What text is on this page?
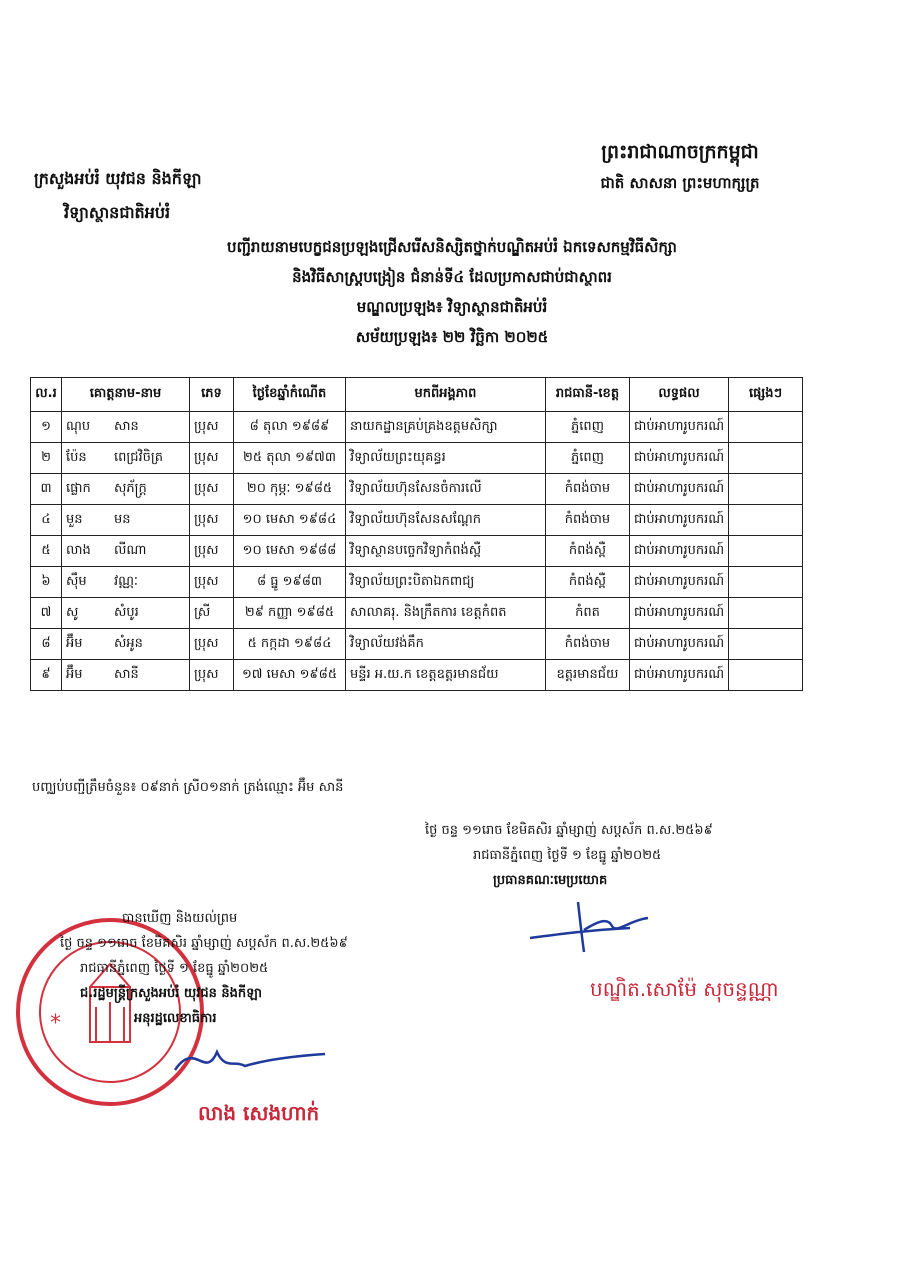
ព្រះរាជាណាចក្រកម្ពុជា
ជាតិ សាសនា ព្រះមហាក្សត្រ
ក្រសួងអប់រំ យុវជន និងកីឡា
វិទ្យាស្ថានជាតិអប់រំ
បញ្ជីរាយនាមបេក្ខជនប្រឡងជ្រើសរើសនិស្សិតថ្នាក់បណ្ឌិតអប់រំ ឯកទេសកម្មវិធីសិក្សា
និងវិធីសាស្ត្របង្រៀន ជំនាន់ទី៤ ដែលប្រកាសជាប់ជាស្ថាពរ
មណ្ឌលប្រឡង៖ វិទ្យាស្ថានជាតិអប់រំ
សម័យប្រឡង៖ ២២ វិច្ឆិកា ២០២៥
ល.រ	គោត្តនាម-នាម	ភេទ	ថ្ងៃខែឆ្នាំកំណើត	មកពីអង្គភាព	រាជធានី-ខេត្ត	លទ្ធផល	ផ្សេងៗ
១	ណុប សាន	ប្រុស	៨ តុលា ១៩៨៩	នាយកដ្ឋានគ្រប់គ្រងឧត្តមសិក្សា	ភ្នំពេញ	ជាប់អាហារូបករណ៍	
២	ប៉ែន ពេជ្រវិចិត្រ	ប្រុស	២៥ តុលា ១៩៧៣	វិទ្យាល័យព្រះយុគន្ធរ	ភ្នំពេញ	ជាប់អាហារូបករណ៍	
៣	ផ្លោក សុភ័ក្ត្រ	ប្រុស	២០ កុម្ភៈ ១៩៨៥	វិទ្យាល័យហ៊ុនសែនចំការលើ	កំពង់ចាម	ជាប់អាហារូបករណ៍	
៤	មួន មន	ប្រុស	១០ មេសា ១៩៨៤	វិទ្យាល័យហ៊ុនសែនសណ្ដែក	កំពង់ចាម	ជាប់អាហារូបករណ៍	
៥	លាង លីណា	ប្រុស	១០ មេសា ១៩៨៨	វិទ្យាស្ថានបច្ចេកវិទ្យាកំពង់ស្ពឺ	កំពង់ស្ពឺ	ជាប់អាហារូបករណ៍	
៦	ស៊ឹម វណ្ណៈ	ប្រុស	៨ ធ្នូ ១៩៨៣	វិទ្យាល័យព្រះបិតាឯកពាជ្យ	កំពង់ស្ពឺ	ជាប់អាហារូបករណ៍	
៧	សូ សំបូរ	ស្រី	២៩ កញ្ញា ១៩៨៥	សាលាគរុ. និងក្រឹតការ ខេត្តកំពត	កំពត	ជាប់អាហារូបករណ៍	
៨	អ៊ឹម សំអូន	ប្រុស	៥ កក្កដា ១៩៨៤	វិទ្យាល័យវង់គឹក	កំពង់ចាម	ជាប់អាហារូបករណ៍	
៩	អ៊ឹម សានី	ប្រុស	១៧ មេសា ១៩៨៥	មន្ទីរ អ.យ.ក ខេត្តឧត្តរមានជ័យ	ឧត្តរមានជ័យ	ជាប់អាហារូបករណ៍	
បញ្ឈប់បញ្ជីត្រឹមចំនួន៖ ០៩នាក់ ស្រី០១នាក់ ត្រង់ឈ្មោះ អ៊ឹម សានី
ថ្ងៃ ចន្ទ ១១រោច ខែមិគសិរ ឆ្នាំម្សាញ់ សប្តស័ក ព.ស.២៥៦៩
រាជធានីភ្នំពេញ ថ្ងៃទី ១ ខែធ្នូ ឆ្នាំ២០២៥
ប្រធានគណៈមេប្រយោគ
បណ្ឌិត.សោម៉ែ សុចន្ទណ្ណា
*
បានឃើញ និងយល់ព្រម
ថ្ងៃ ចន្ទ ១១រោច ខែមិគសិរ ឆ្នាំម្សាញ់ សប្តស័ក ព.ស.២៥៦៩
រាជធានីភ្នំពេញ ថ្ងៃទី ១ ខែធ្នូ ឆ្នាំ២០២៥
ជ.រដ្ឋមន្ត្រីក្រសួងអប់រំ យុវជន និងកីឡា
អនុរដ្ឋលេខាធិការ
លាង សេងហាក់
